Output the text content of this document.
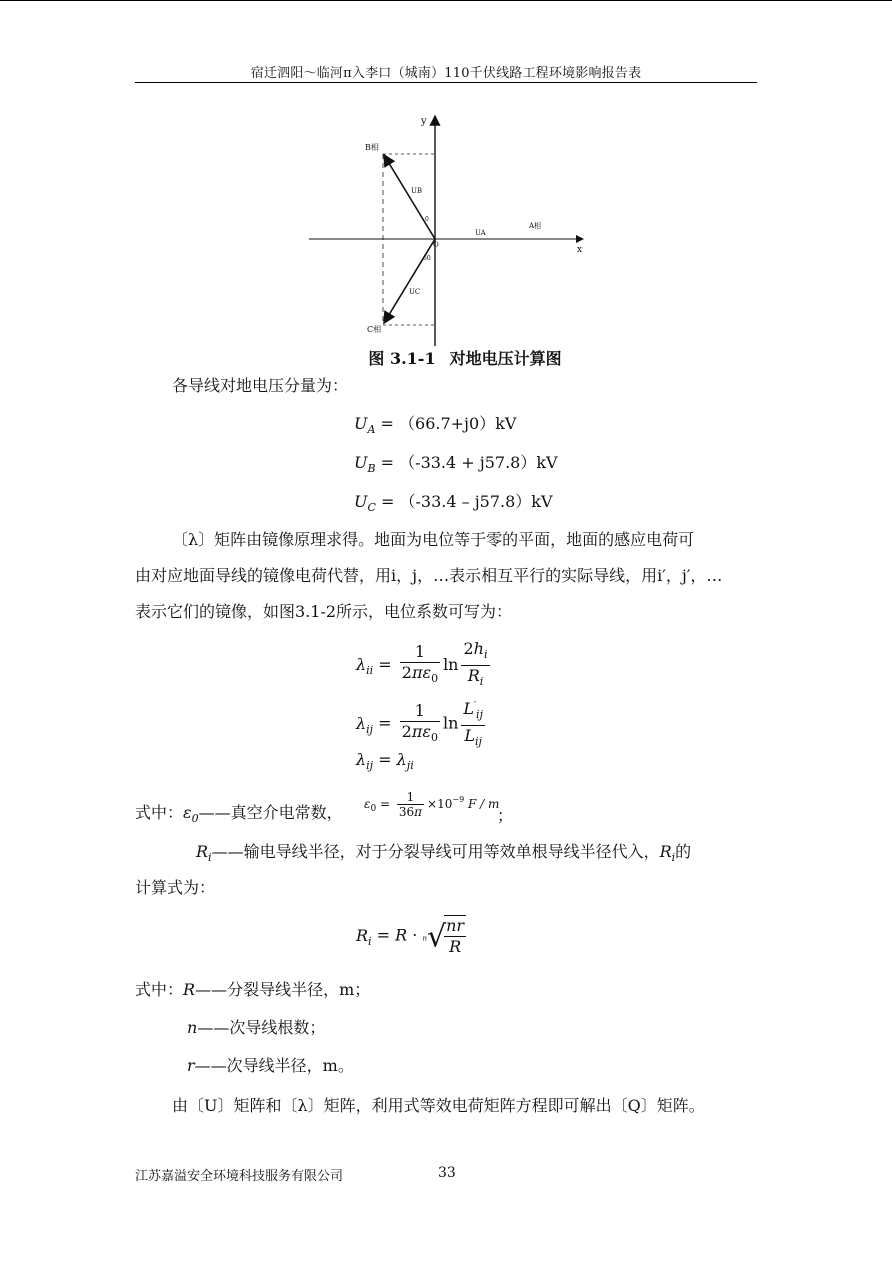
宿迁泗阳～临河π入李口（城南）110千伏线路工程环境影响报告表
y
x
B相
C相
A相
UB
UC
UA
O
0
60
图 3.1-1 对地电压计算图
各导线对地电压分量为：
$U_A = (66.7+j0)kV$
$U_B = (-33.4 + j57.8)kV$
$U_C = (-33.4 - j57.8)kV$
〔λ〕矩阵由镜像原理求得。地面为电位等于零的平面，地面的感应电荷可
由对应地面导线的镜像电荷代替，用i，j，…表示相互平行的实际导线，用i′，j′，…
表示它们的镜像，如图3.1-2所示，电位系数可写为：
$\lambda_{ii} = \frac{1}{2\pi\varepsilon_0}$ $\ln \frac{2h_i}{R_i}$
$\lambda_{ij} = \frac{1}{2\pi\varepsilon_0}$ $\ln \frac{L'_{ij}}{L_{ij}}$
$\lambda_{ij} = \lambda_{ji}$
式中：$\varepsilon_0——$真空介电常数， $\varepsilon_0 = \frac{1}{36\pi} \times 10^{-9}$ F / m
；
$R_i——$输电导线半径，对于分裂导线可用等效单根导线半径代入，$R_i$的
计算式为：
$R_i = R \cdot n√$
$\frac{nr}{R}$
式中：R——分裂导线半径，m；
n——次导线根数；
r——次导线半径，m。
由〔U〕矩阵和〔λ〕矩阵，利用式等效电荷矩阵方程即可解出〔Q〕矩阵。
江苏嘉溢安全环境科技服务有限公司	33
